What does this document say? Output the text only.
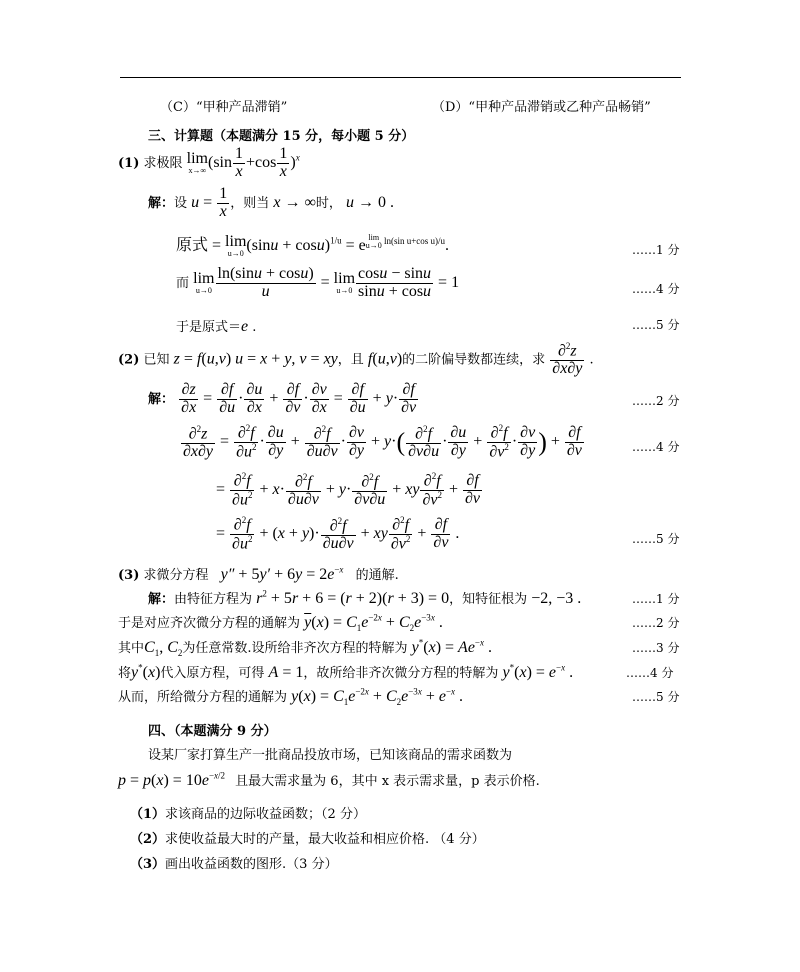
（C）“甲种产品滞销”	（D）“甲种产品滞销或乙种产品畅销”
三、计算题（本题满分 15 分，每小题 5 分）
(1) 求极限 lim
x→∞ $(\sin \frac{1}{x} +\cos \frac{1}{x} )^x$
解：设 $u = \frac{1}{x}$ ，则当 x → ∞时， u → 0 .
原式 = lim
u→0 $(\sin u + \cos u)^{1/u} = e$ $^{lim u\to 0 ln(sin u+cos u)/u}$.	……1 分
而 lim
$u\to 0 \frac{\ln(\sin u + \cos u)}{u} = \lim$
$u\to 0 \frac{\cos u - \sin u}{\sin u + \cos u} = 1$	……4 分
于是原式＝e .	……5 分
(2) 已知 z = f(u,v) u = x + y, v = xy，且 f(u,v)的二阶偏导数都连续，求 $\frac{\partial^2z}{\partial x\partial y}$ .
解： $\frac{\partial z}{\partial x} = \frac{\partial f}{\partial u} \cdot \frac{\partial u}{\partial x} + \frac{\partial f}{\partial v} \cdot \frac{\partial v}{\partial x} = \frac{\partial f}{\partial u} + y\cdot \frac{\partial f}{\partial v}$	……2 分
$\frac{\partial^2z}{\partial x\partial y} = \frac{\partial^2f}{\partial u^2} \cdot \frac{\partial u}{\partial y} + \frac{\partial^2f}{\partial u\partial v} \cdot \frac{\partial v}{\partial y} + y\cdot( \frac{\partial^2f}{\partial v\partial u} \cdot \frac{\partial u}{\partial y} + \frac{\partial^2f}{\partial v^2} \cdot \frac{\partial v}{\partial y}$ ) + $\frac{\partial f}{\partial v}$	……4 分
= $\frac{\partial^2f}{\partial u^2} + x\cdot \frac{\partial^2f}{\partial u\partial v} + y\cdot \frac{\partial^2f}{\partial v\partial u}$ + xy $\frac{\partial^2f}{\partial v^2} + \frac{\partial f}{\partial v}$
= $\frac{\partial^2f}{\partial u^2} + (x + y)\cdot \frac{\partial^2f}{\partial u\partial v}$ + xy $\frac{\partial^2f}{\partial v^2} + \frac{\partial f}{\partial v}$ .	……5 分
(3) 求微分方程 $y'' + 5y' + 6y = 2e^{-x}$ 的通解.
解：由特征方程为 $r^2 + 5r + 6 = (r + 2)(r + 3) = 0$，知特征根为 −2, −3 .	……1 分
于是对应齐次微分方程的通解为 $\overline{y}(x) = C_1e^{-2x} + C_2e^{-3x}$ .	……2 分
其中$C_1$, $C_2$为任意常数.设所给非齐次方程的特解为 $y^*(x) = Ae^{-x}$ .	……3 分
将y*(x)代入原方程，可得 A = 1，故所给非齐次微分方程的特解为 $y^*(x) = e^{-x}$ .	……4 分
从而，所给微分方程的通解为 $y(x) = C_1e^{-2x} + C_2e^{-3x} + e^{-x}$ .	……5 分
四、（本题满分 9 分）
设某厂家打算生产一批商品投放市场，已知该商品的需求函数为
$p = p(x) = 10e^{-x/2}$ 且最大需求量为 6，其中 x 表示需求量，p 表示价格.
（1）求该商品的边际收益函数；（2 分）
（2）求使收益最大时的产量，最大收益和相应价格. （4 分）
（3）画出收益函数的图形.（3 分）
